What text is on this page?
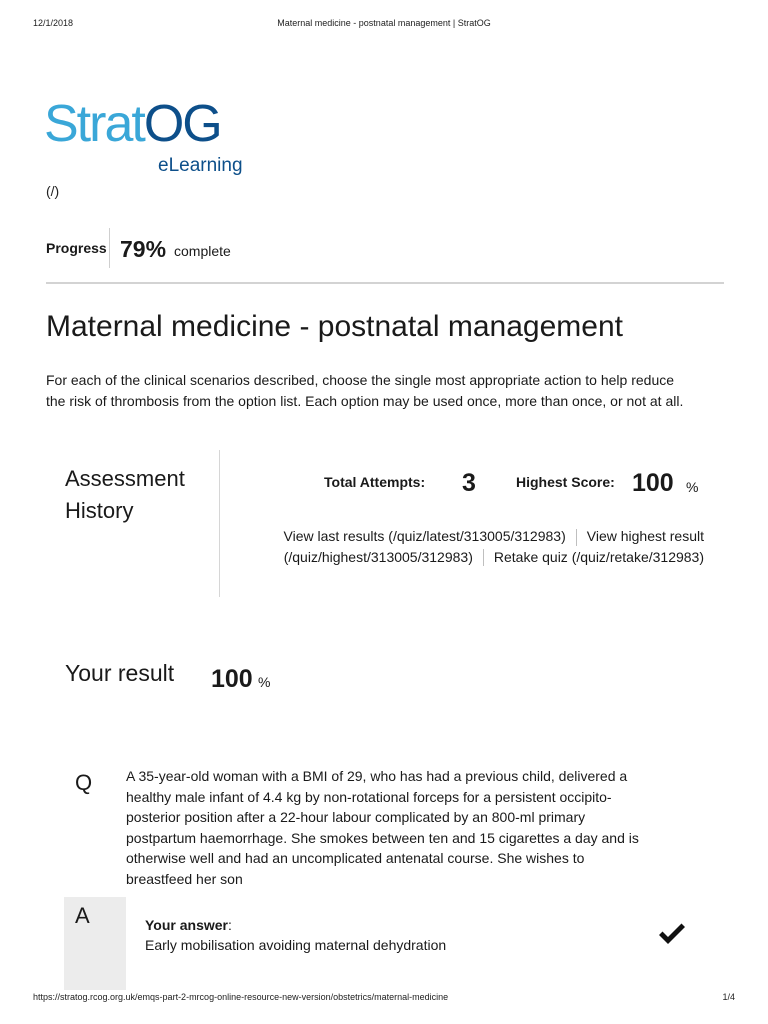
12/1/2018	Maternal medicine - postnatal management | StratOG
StratOG
eLearning
(/)
Progress 79% complete
Maternal medicine - postnatal management

For each of the clinical scenarios described, choose the single most appropriate action to help reduce the risk of thrombosis from the option list. Each option may be used once, more than once, or not at all.

Assessment
History
Total Attempts: 3	Highest Score: 100 %
View last results (/quiz/latest/313005/312983) View highest result (/quiz/highest/313005/312983) Retake quiz (/quiz/retake/312983)
Your result 100 %
Q A 35-year-old woman with a BMI of 29, who has had a previous child, delivered a healthy male infant of 4.4 kg by non-rotational forceps for a persistent occipito-posterior position after a 22-hour labour complicated by an 800-ml primary postpartum haemorrhage. She smokes between ten and 15 cigarettes a day and is otherwise well and had an uncomplicated antenatal course. She wishes to breastfeed her son

A	Your answer:
Early mobilisation avoiding maternal dehydration
https://stratog.rcog.org.uk/emqs-part-2-mrcog-online-resource-new-version/obstetrics/maternal-medicine	1/4
